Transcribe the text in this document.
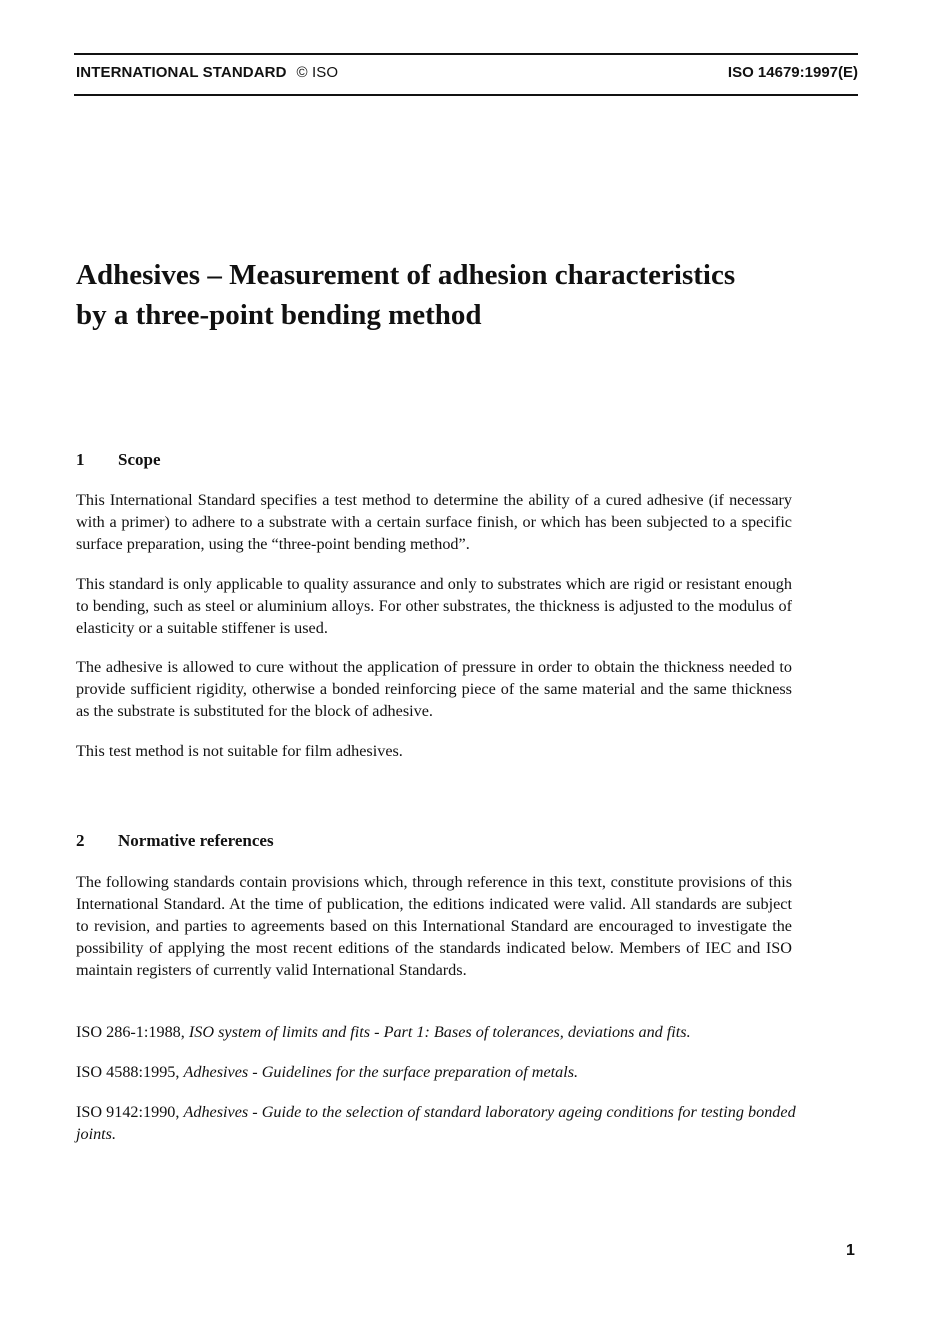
INTERNATIONAL STANDARD © ISO	ISO 14679:1997(E)
Adhesives – Measurement of adhesion characteristics
by a three-point bending method
1 Scope

This International Standard specifies a test method to determine the ability of a cured adhesive (if necessary with a primer) to adhere to a substrate with a certain surface finish, or which has been subjected to a specific surface preparation, using the “three-point bending method”.

This standard is only applicable to quality assurance and only to substrates which are rigid or resistant enough to bending, such as steel or aluminium alloys. For other substrates, the thickness is adjusted to the modulus of elasticity or a suitable stiffener is used.

The adhesive is allowed to cure without the application of pressure in order to obtain the thickness needed to provide sufficient rigidity, otherwise a bonded reinforcing piece of the same material and the same thickness as the substrate is substituted for the block of adhesive.

This test method is not suitable for film adhesives.

2 Normative references

The following standards contain provisions which, through reference in this text, constitute provisions of this International Standard. At the time of publication, the editions indicated were valid. All standards are subject to revision, and parties to agreements based on this International Standard are encouraged to investigate the possibility of applying the most recent editions of the standards indicated below. Members of IEC and ISO maintain registers of currently valid International Standards.

ISO 286-1:1988, ISO system of limits and fits - Part 1: Bases of tolerances, deviations and fits.

ISO 4588:1995, Adhesives - Guidelines for the surface preparation of metals.

ISO 9142:1990, Adhesives - Guide to the selection of standard laboratory ageing conditions for testing bonded joints.

1
